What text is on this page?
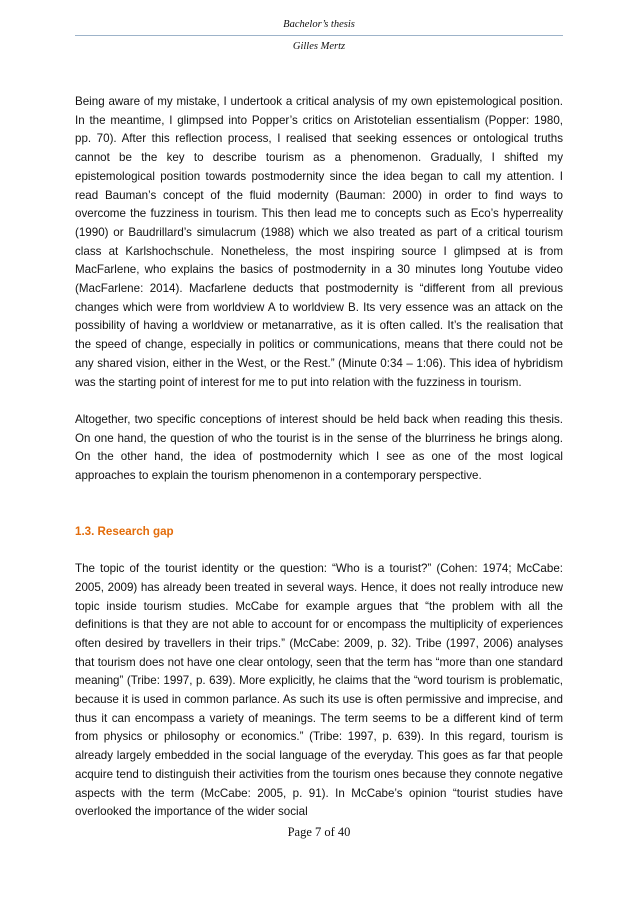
Bachelor’s thesis
Gilles Mertz

Being aware of my mistake, I undertook a critical analysis of my own epistemological position. In the meantime, I glimpsed into Popper’s critics on Aristotelian essentialism (Popper: 1980, pp. 70). After this reflection process, I realised that seeking essences or ontological truths cannot be the key to describe tourism as a phenomenon. Gradually, I shifted my epistemological position towards postmodernity since the idea began to call my attention. I read Bauman’s concept of the fluid modernity (Bauman: 2000) in order to find ways to overcome the fuzziness in tourism. This then lead me to concepts such as Eco’s hyperreality (1990) or Baudrillard’s simulacrum (1988) which we also treated as part of a critical tourism class at Karlshochschule. Nonetheless, the most inspiring source I glimpsed at is from MacFarlene, who explains the basics of postmodernity in a 30 minutes long Youtube video (MacFarlene: 2014). Macfarlene deducts that postmodernity is “different from all previous changes which were from worldview A to worldview B. Its very essence was an attack on the possibility of having a worldview or metanarrative, as it is often called. It’s the realisation that the speed of change, especially in politics or communications, means that there could not be any shared vision, either in the West, or the Rest.” (Minute 0:34 – 1:06). This idea of hybridism was the starting point of interest for me to put into relation with the fuzziness in tourism.

Altogether, two specific conceptions of interest should be held back when reading this thesis. On one hand, the question of who the tourist is in the sense of the blurriness he brings along. On the other hand, the idea of postmodernity which I see as one of the most logical approaches to explain the tourism phenomenon in a contemporary perspective.

1.3. Research gap

The topic of the tourist identity or the question: “Who is a tourist?” (Cohen: 1974; McCabe: 2005, 2009) has already been treated in several ways. Hence, it does not really introduce new topic inside tourism studies. McCabe for example argues that “the problem with all the definitions is that they are not able to account for or encompass the multiplicity of experiences often desired by travellers in their trips.” (McCabe: 2009, p. 32). Tribe (1997, 2006) analyses that tourism does not have one clear ontology, seen that the term has “more than one standard meaning” (Tribe: 1997, p. 639). More explicitly, he claims that the “word tourism is problematic, because it is used in common parlance. As such its use is often permissive and imprecise, and thus it can encompass a variety of meanings. The term seems to be a different kind of term from physics or philosophy or economics.” (Tribe: 1997, p. 639). In this regard, tourism is already largely embedded in the social language of the everyday. This goes as far that people acquire tend to distinguish their activities from the tourism ones because they connote negative aspects with the term (McCabe: 2005, p. 91). In McCabe’s opinion “tourist studies have overlooked the importance of the wider social

Page 7 of 40
